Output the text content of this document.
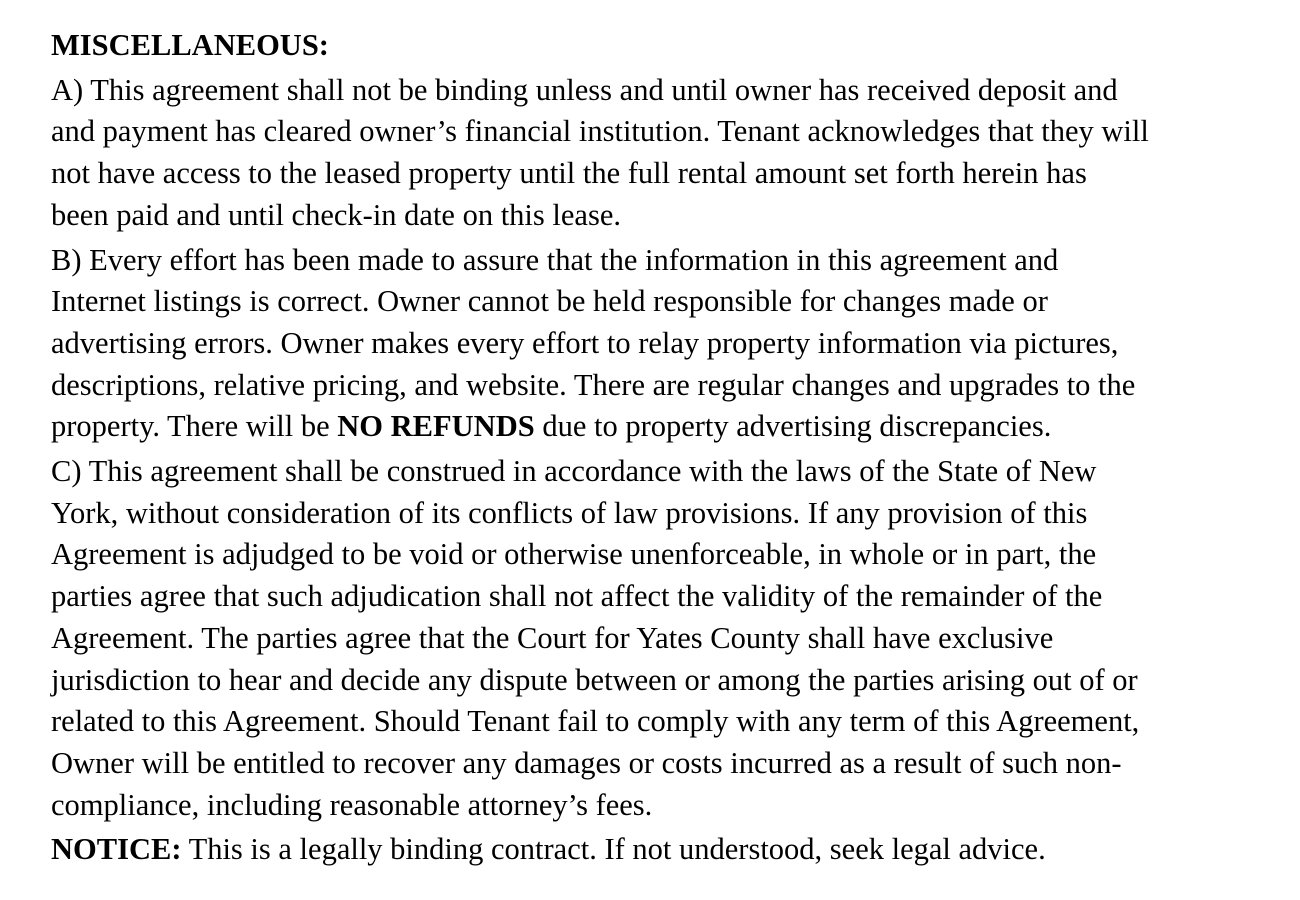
MISCELLANEOUS:
A) This agreement shall not be binding unless and until owner has received deposit and
and payment has cleared owner’s financial institution. Tenant acknowledges that they will
not have access to the leased property until the full rental amount set forth herein has
been paid and until check-in date on this lease.
B) Every effort has been made to assure that the information in this agreement and
Internet listings is correct. Owner cannot be held responsible for changes made or
advertising errors. Owner makes every effort to relay property information via pictures,
descriptions, relative pricing, and website. There are regular changes and upgrades to the
property. There will be NO REFUNDS due to property advertising discrepancies.
C) This agreement shall be construed in accordance with the laws of the State of New
York, without consideration of its conflicts of law provisions. If any provision of this
Agreement is adjudged to be void or otherwise unenforceable, in whole or in part, the
parties agree that such adjudication shall not affect the validity of the remainder of the
Agreement. The parties agree that the Court for Yates County shall have exclusive
jurisdiction to hear and decide any dispute between or among the parties arising out of or
related to this Agreement. Should Tenant fail to comply with any term of this Agreement,
Owner will be entitled to recover any damages or costs incurred as a result of such non-
compliance, including reasonable attorney’s fees.
NOTICE: This is a legally binding contract. If not understood, seek legal advice.
